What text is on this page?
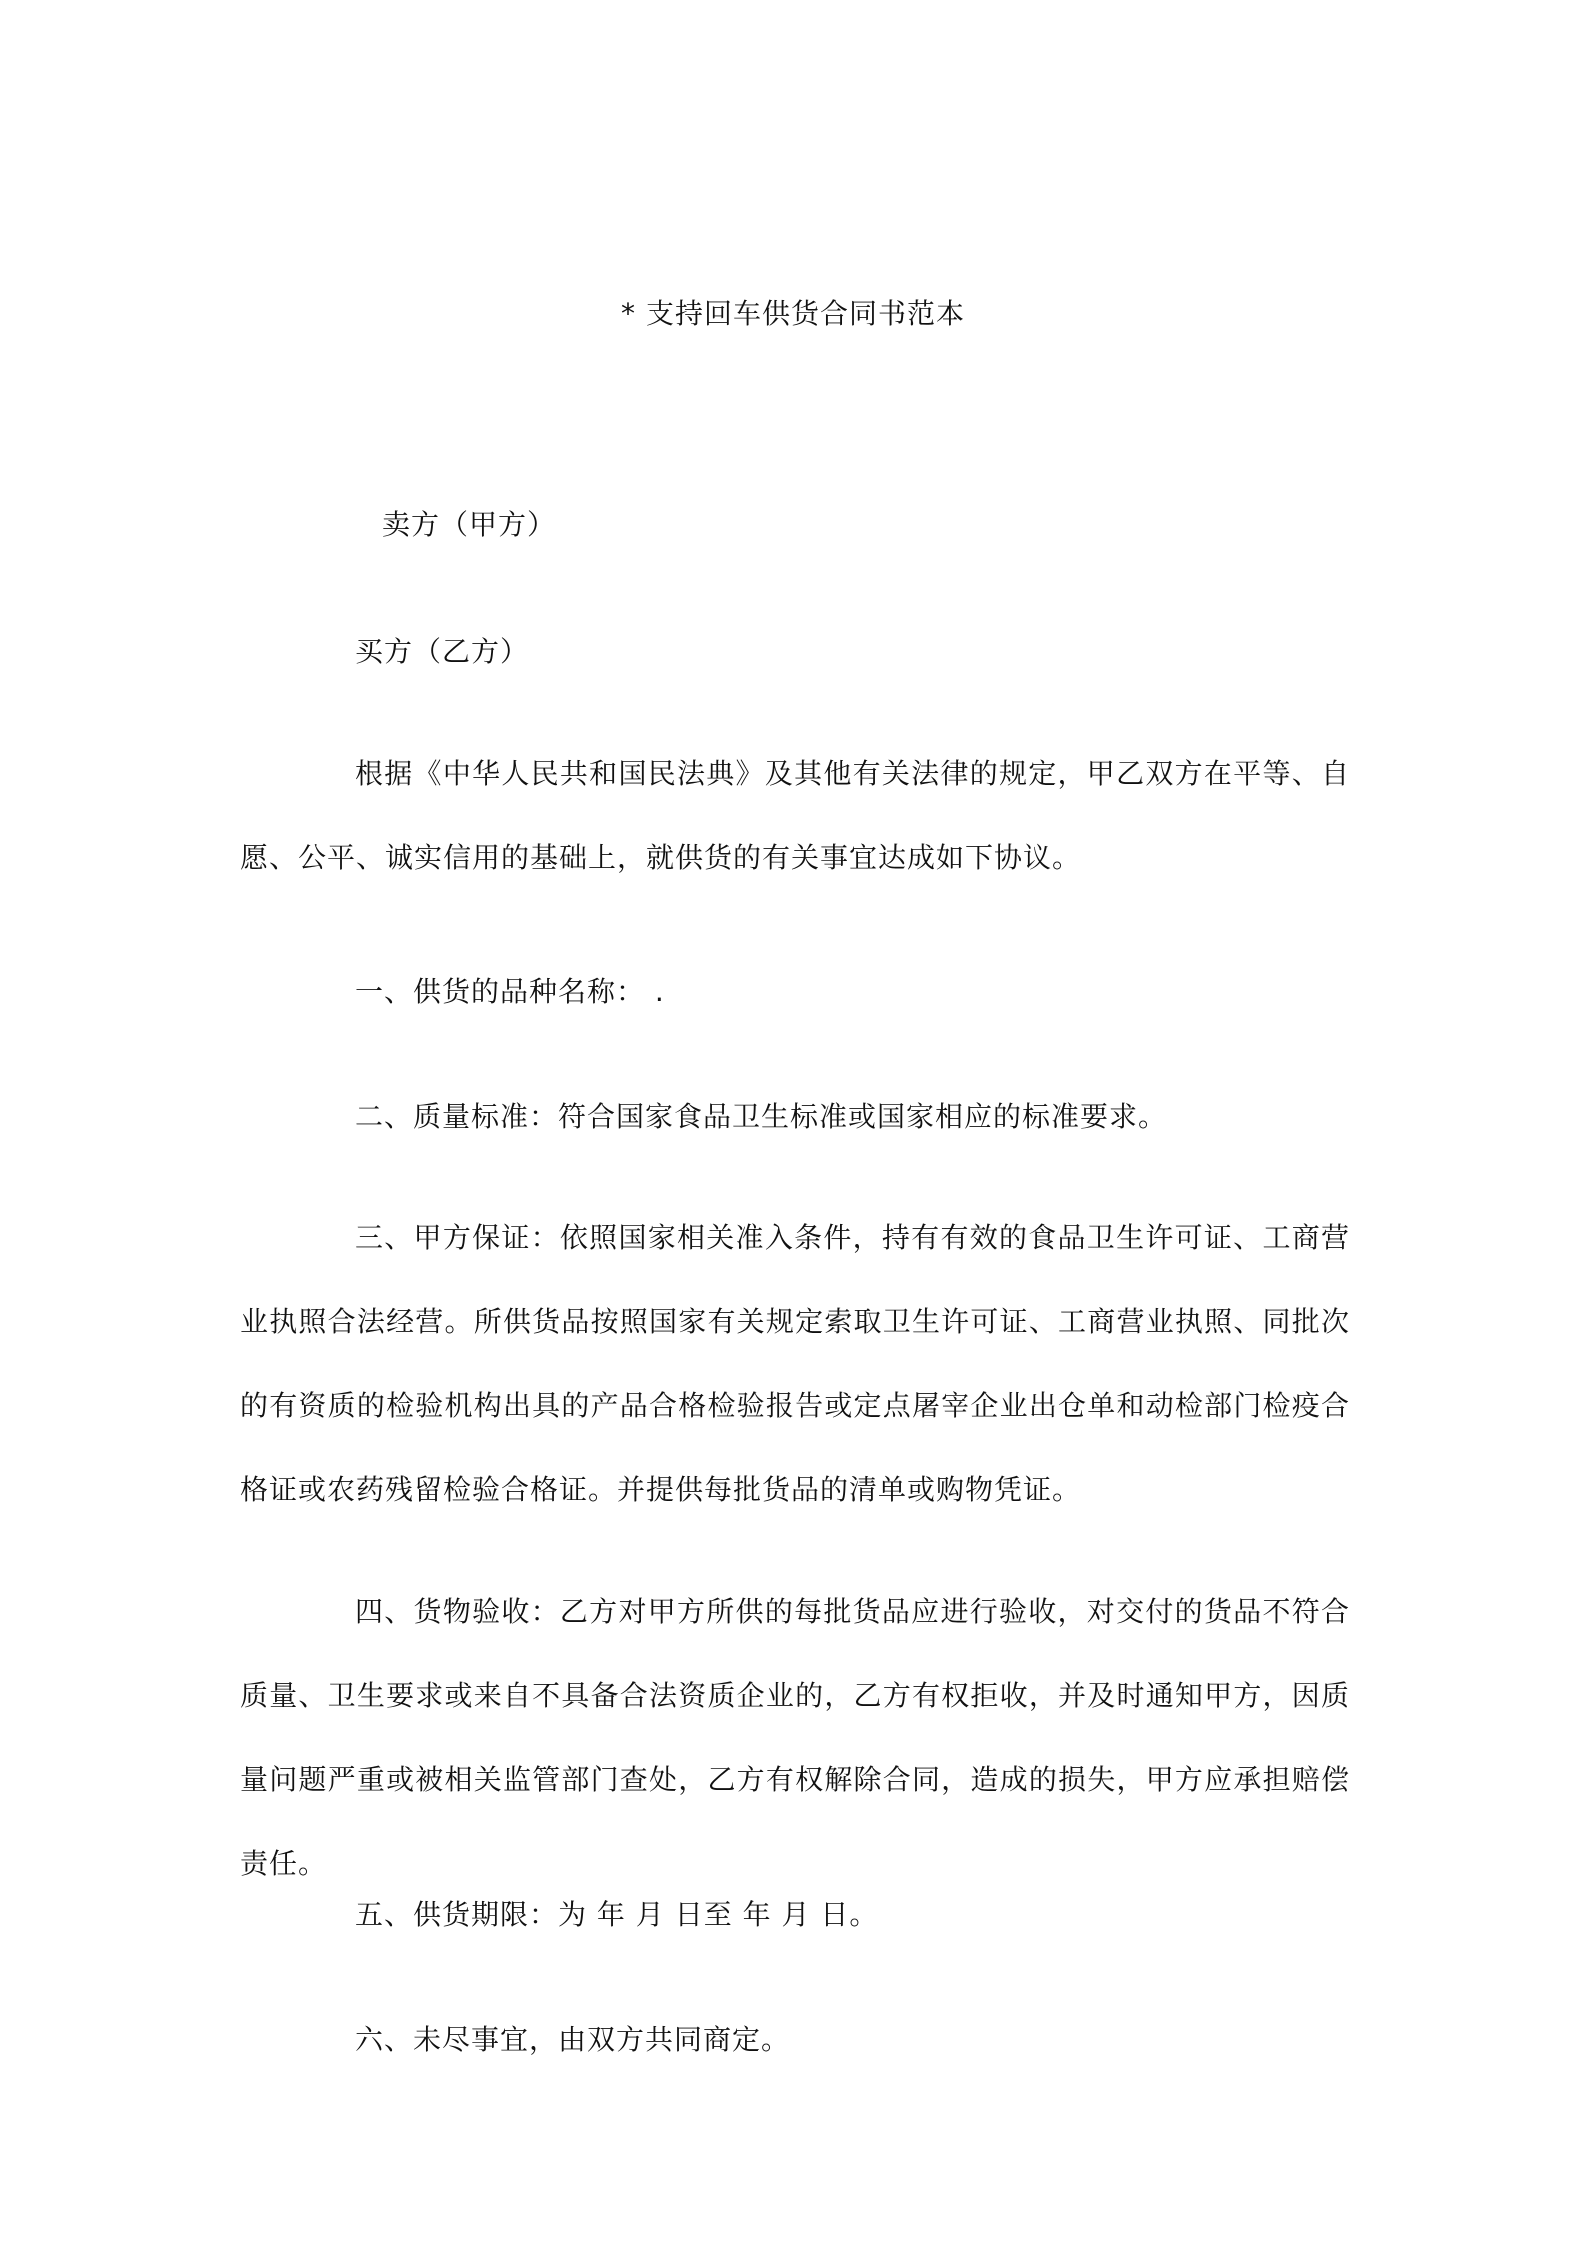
* 支持回车供货合同书范本
卖方（甲方）
买方（乙方）
根据《中华人民共和国民法典》及其他有关法律的规定，甲乙双方在平等、自愿、公平、诚实信用的基础上，就供货的有关事宜达成如下协议。
一、供货的品种名称： .
二、质量标准：符合国家食品卫生标准或国家相应的标准要求。
三、甲方保证：依照国家相关准入条件，持有有效的食品卫生许可证、工商营业执照合法经营。所供货品按照国家有关规定索取卫生许可证、工商营业执照、同批次的有资质的检验机构出具的产品合格检验报告或定点屠宰企业出仓单和动检部门检疫合格证或农药残留检验合格证。并提供每批货品的清单或购物凭证。
四、货物验收：乙方对甲方所供的每批货品应进行验收，对交付的货品不符合质量、卫生要求或来自不具备合法资质企业的，乙方有权拒收，并及时通知甲方，因质量问题严重或被相关监管部门查处，乙方有权解除合同，造成的损失，甲方应承担赔偿责任。
五、供货期限：为 年 月 日至 年 月 日。
六、未尽事宜，由双方共同商定。
